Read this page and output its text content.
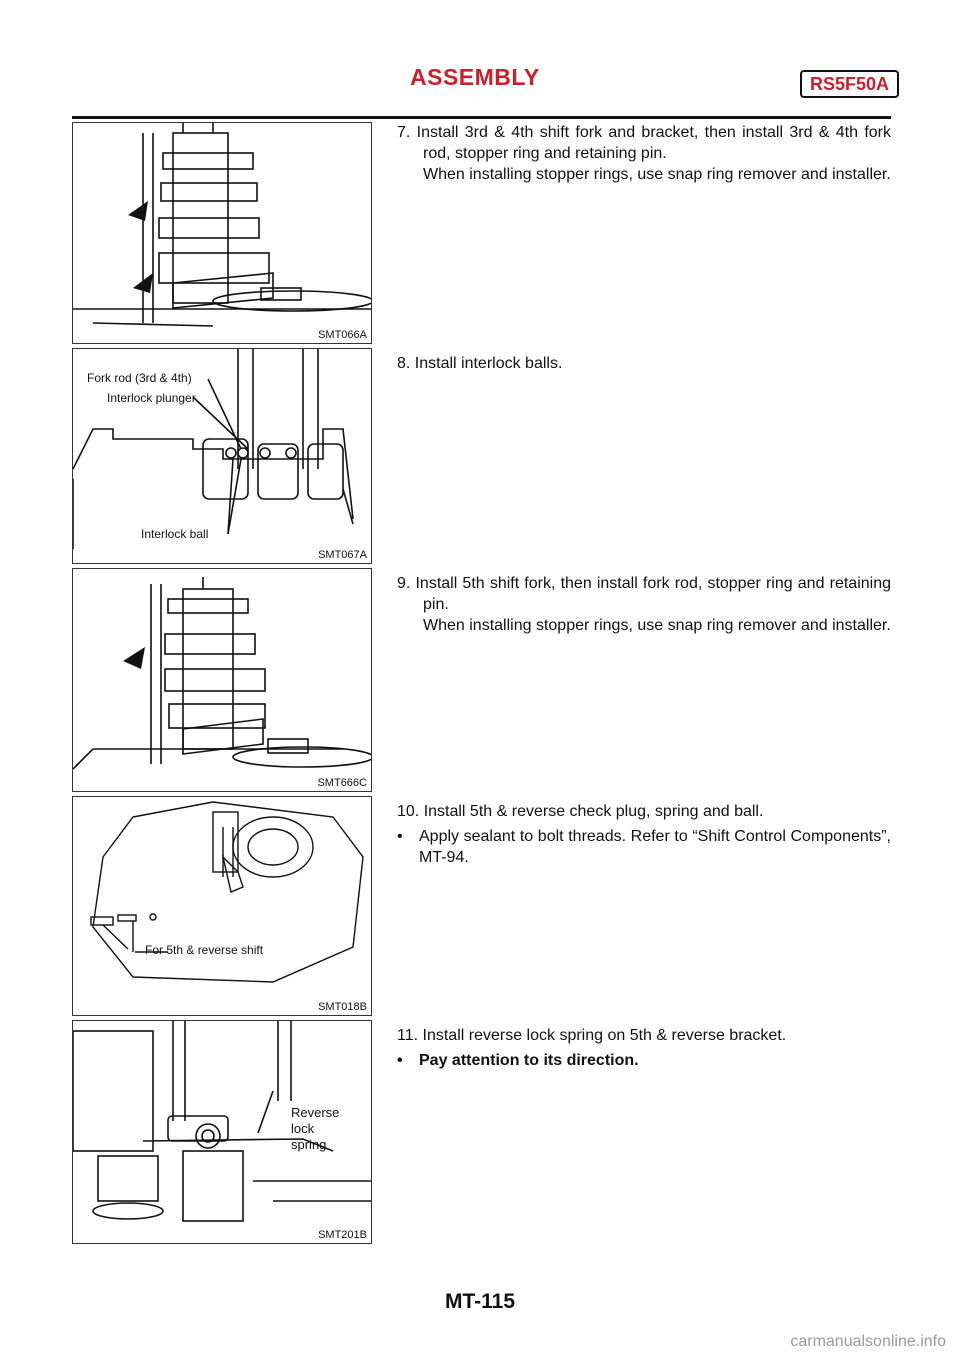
ASSEMBLY	RS5F50A
SMT066A
Fork rod (3rd & 4th)
Interlock plunger
Interlock ball
SMT067A
SMT666C
For 5th & reverse shift
SMT018B
Reverse
lock
spring
SMT201B

7. Install 3rd & 4th shift fork and bracket, then install 3rd & 4th fork rod, stopper ring and retaining pin.

When installing stopper rings, use snap ring remover and installer.

8. Install interlock balls.

9. Install 5th shift fork, then install fork rod, stopper ring and retaining pin.

When installing stopper rings, use snap ring remover and installer.

10. Install 5th & reverse check plug, spring and ball.

•	Apply sealant to bolt threads. Refer to “Shift Control Components”, MT-94.

11. Install reverse lock spring on 5th & reverse bracket.

•	Pay attention to its direction.
MT-115
carmanualsonline.info
